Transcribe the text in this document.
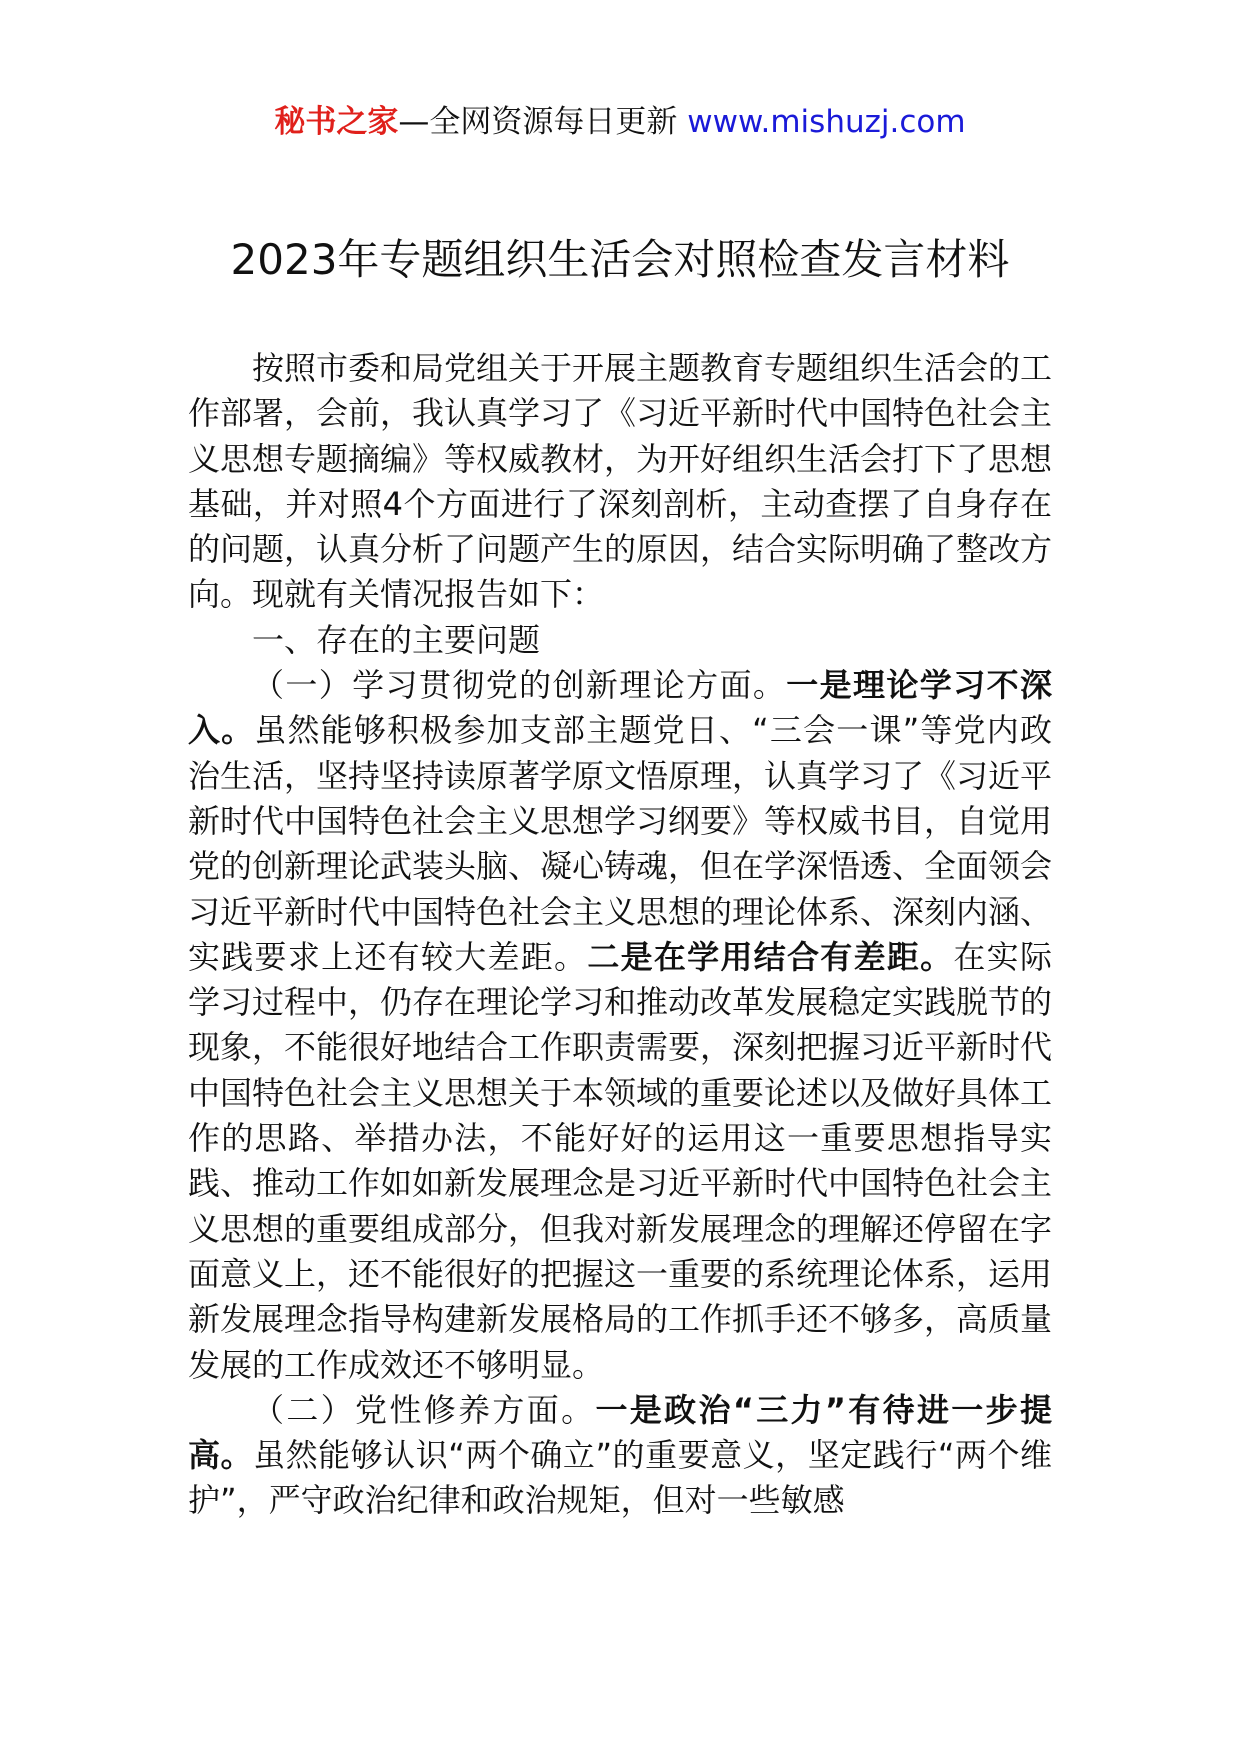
秘书之家—全网资源每日更新 www.mishuzj.com
2023年专题组织生活会对照检查发言材料

按照市委和局党组关于开展主题教育专题组织生活会的工作部署，会前，我认真学习了《习近平新时代中国特色社会主义思想专题摘编》等权威教材，为开好组织生活会打下了思想基础，并对照4个方面进行了深刻剖析，主动查摆了自身存在的问题，认真分析了问题产生的原因，结合实际明确了整改方向。现就有关情况报告如下：

一、存在的主要问题

（一）学习贯彻党的创新理论方面。一是理论学习不深入。虽然能够积极参加支部主题党日、“三会一课”等党内政治生活，坚持坚持读原著学原文悟原理，认真学习了《习近平新时代中国特色社会主义思想学习纲要》等权威书目，自觉用党的创新理论武装头脑、凝心铸魂，但在学深悟透、全面领会习近平新时代中国特色社会主义思想的理论体系、深刻内涵、实践要求上还有较大差距。二是在学用结合有差距。在实际学习过程中，仍存在理论学习和推动改革发展稳定实践脱节的现象，不能很好地结合工作职责需要，深刻把握习近平新时代中国特色社会主义思想关于本领域的重要论述以及做好具体工作的思路、举措办法，不能好好的运用这一重要思想指导实践、推动工作如如新发展理念是习近平新时代中国特色社会主义思想的重要组成部分，但我对新发展理念的理解还停留在字面意义上，还不能很好的把握这一重要的系统理论体系，运用新发展理念指导构建新发展格局的工作抓手还不够多，高质量发展的工作成效还不够明显。

（二）党性修养方面。一是政治“三力”有待进一步提高。虽然能够认识“两个确立”的重要意义，坚定践行“两个维护”，严守政治纪律和政治规矩，但对一些敏感
